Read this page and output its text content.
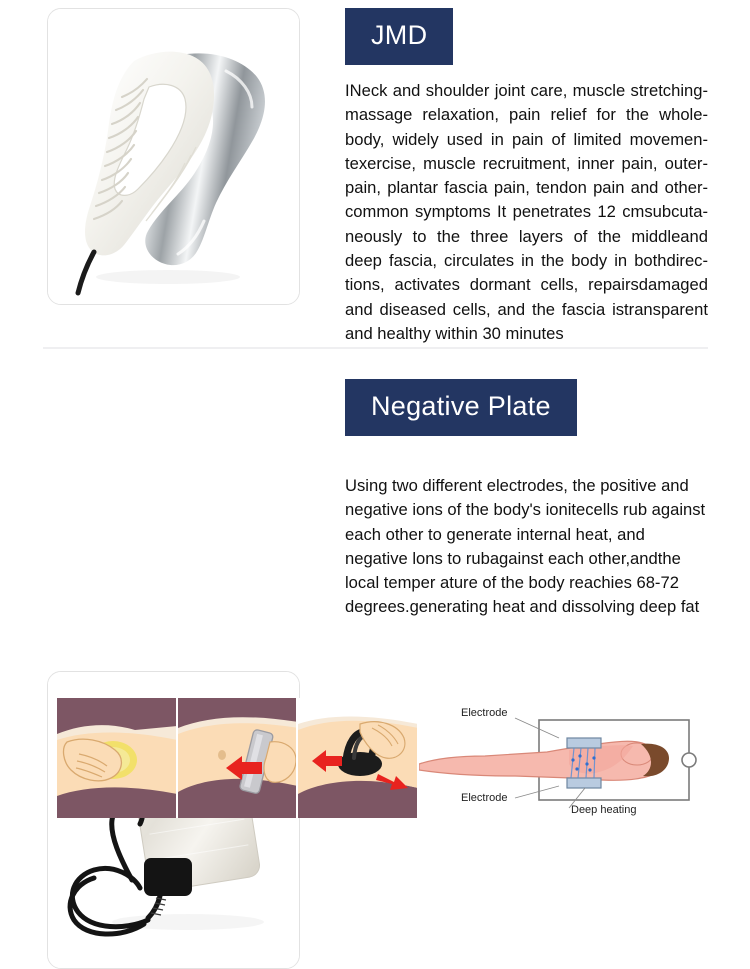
JMD

INeck and shoulder joint care, muscle stretching-massage relaxation, pain relief for the whole-body, widely used in pain of limited movemen-texercise, muscle recruitment, inner pain, outer-pain, plantar fascia pain, tendon pain and other-common symptoms It penetrates 12 cmsubcuta-neously to the three layers of the middleand deep fascia, circulates in the body in bothdirec-tions, activates dormant cells, repairsdamaged and diseased cells, and the fascia istransparent and healthy within 30 minutes

Negative Plate

Using two different electrodes, the positive and negative ions of the body's ionitecells rub against each other to generate internal heat, and negative lons to rubagainst each other,andthe local temper ature of the body reachies 68-72 degrees.generating heat and dissolving deep fat

Electrode
Electrode
Deep heating
